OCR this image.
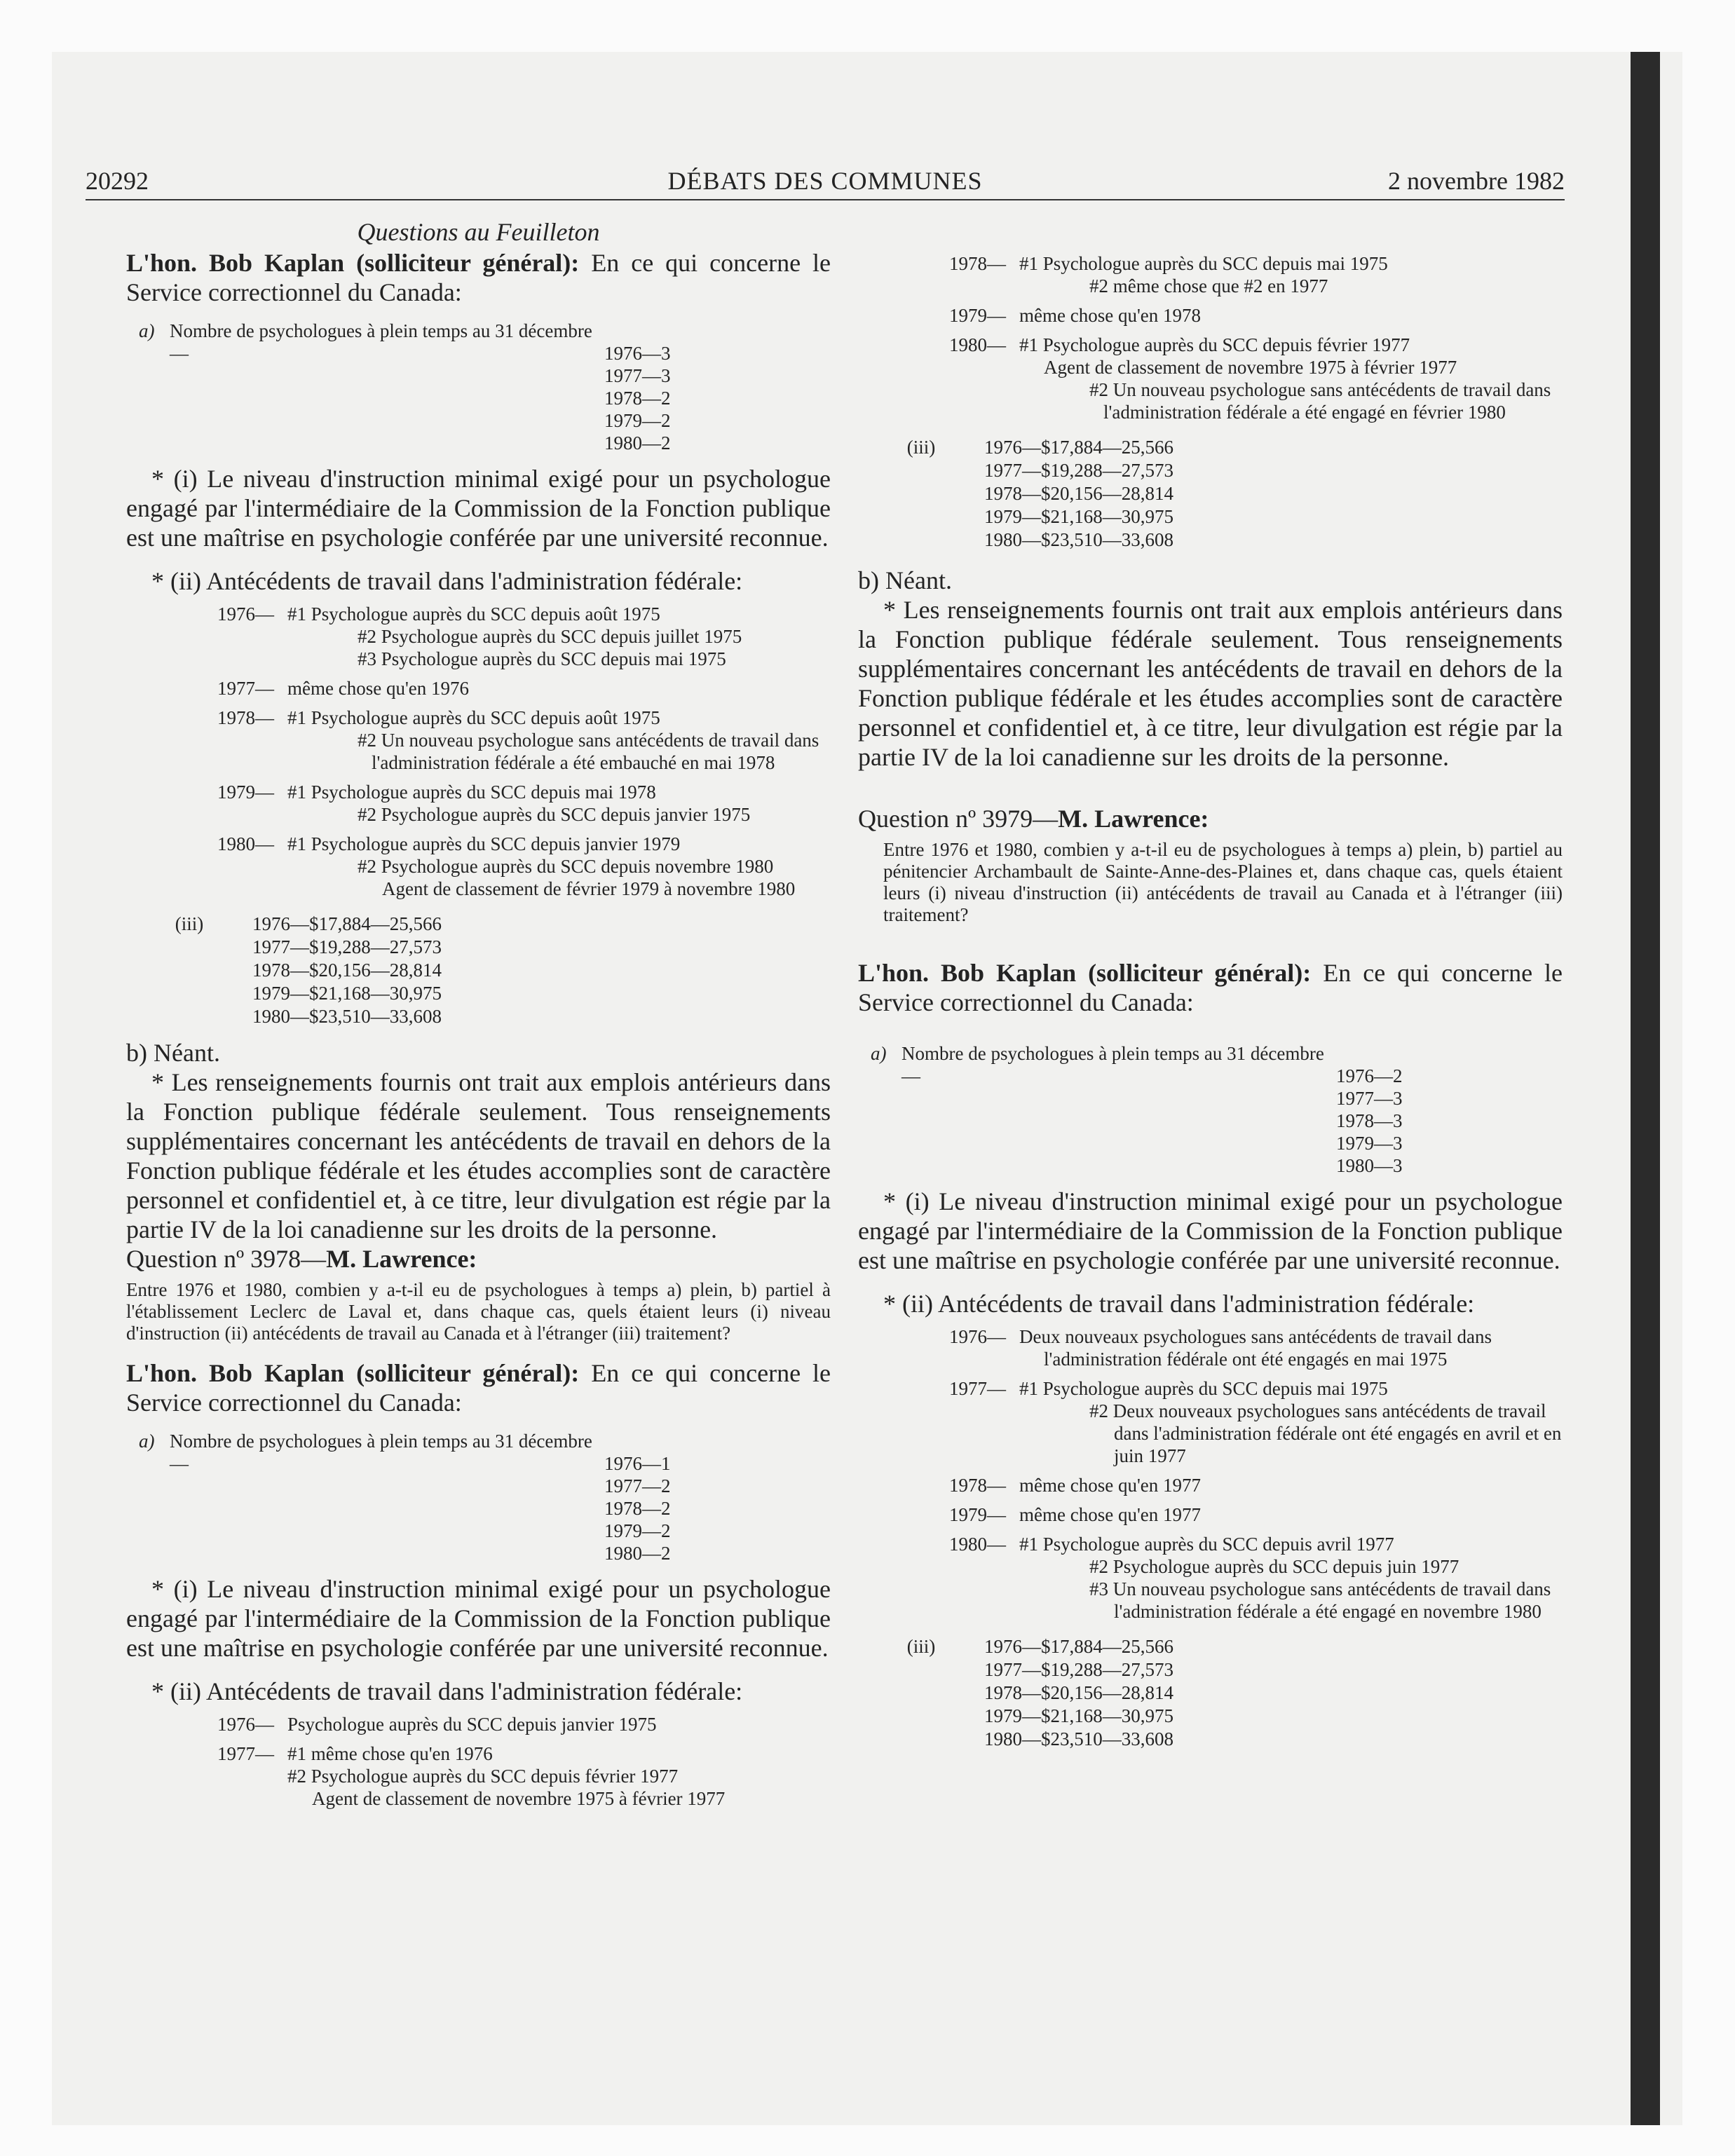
20292	DÉBATS DES COMMUNES	2 novembre 1982

Questions au Feuilleton

L'hon. Bob Kaplan (solliciteur général): En ce qui concerne le Service correctionnel du Canada:

a) Nombre de psychologues à plein temps au 31 décembre—	1976—3
1977—3
1978—2
1979—2
1980—2

* (i) Le niveau d'instruction minimal exigé pour un psychologue engagé par l'intermédiaire de la Commission de la Fonction publique est une maîtrise en psychologie conférée par une université reconnue.

* (ii) Antécédents de travail dans l'administration fédérale:

1976— #1 Psychologue auprès du SCC depuis août 1975
#2 Psychologue auprès du SCC depuis juillet 1975
#3 Psychologue auprès du SCC depuis mai 1975
1977— même chose qu'en 1976
1978— #1 Psychologue auprès du SCC depuis août 1975
#2 Un nouveau psychologue sans antécédents de travail dans l'administration fédérale a été embauché en mai 1978
1979— #1 Psychologue auprès du SCC depuis mai 1978
#2 Psychologue auprès du SCC depuis janvier 1975
1980— #1 Psychologue auprès du SCC depuis janvier 1979
#2 Psychologue auprès du SCC depuis novembre 1980
Agent de classement de février 1979 à novembre 1980
(iii)	1976—$17,884—25,566
1977—$19,288—27,573
1978—$20,156—28,814
1979—$21,168—30,975
1980—$23,510—33,608

b) Néant.

* Les renseignements fournis ont trait aux emplois antérieurs dans la Fonction publique fédérale seulement. Tous renseignements supplémentaires concernant les antécédents de travail en dehors de la Fonction publique fédérale et les études accomplies sont de caractère personnel et confidentiel et, à ce titre, leur divulgation est régie par la partie IV de la loi canadienne sur les droits de la personne.

Question nº 3978—M. Lawrence:

Entre 1976 et 1980, combien y a-t-il eu de psychologues à temps a) plein, b) partiel à l'établissement Leclerc de Laval et, dans chaque cas, quels étaient leurs (i) niveau d'instruction (ii) antécédents de travail au Canada et à l'étranger (iii) traitement?

L'hon. Bob Kaplan (solliciteur général): En ce qui concerne le Service correctionnel du Canada:

a) Nombre de psychologues à plein temps au 31 décembre—	1976—1
1977—2
1978—2
1979—2
1980—2

* (i) Le niveau d'instruction minimal exigé pour un psychologue engagé par l'intermédiaire de la Commission de la Fonction publique est une maîtrise en psychologie conférée par une université reconnue.

* (ii) Antécédents de travail dans l'administration fédérale:

1976— Psychologue auprès du SCC depuis janvier 1975
1977— #1 même chose qu'en 1976
#2 Psychologue auprès du SCC depuis février 1977
Agent de classement de novembre 1975 à février 1977
1978— #1 Psychologue auprès du SCC depuis mai 1975
#2 même chose que #2 en 1977
1979— même chose qu'en 1978
1980— #1 Psychologue auprès du SCC depuis février 1977
Agent de classement de novembre 1975 à février 1977
#2 Un nouveau psychologue sans antécédents de travail dans l'administration fédérale a été engagé en février 1980
(iii)	1976—$17,884—25,566
1977—$19,288—27,573
1978—$20,156—28,814
1979—$21,168—30,975
1980—$23,510—33,608

b) Néant.

* Les renseignements fournis ont trait aux emplois antérieurs dans la Fonction publique fédérale seulement. Tous renseignements supplémentaires concernant les antécédents de travail en dehors de la Fonction publique fédérale et les études accomplies sont de caractère personnel et confidentiel et, à ce titre, leur divulgation est régie par la partie IV de la loi canadienne sur les droits de la personne.

Question nº 3979—M. Lawrence:

Entre 1976 et 1980, combien y a-t-il eu de psychologues à temps a) plein, b) partiel au pénitencier Archambault de Sainte-Anne-des-Plaines et, dans chaque cas, quels étaient leurs (i) niveau d'instruction (ii) antécédents de travail au Canada et à l'étranger (iii) traitement?

L'hon. Bob Kaplan (solliciteur général): En ce qui concerne le Service correctionnel du Canada:

a) Nombre de psychologues à plein temps au 31 décembre—	1976—2
1977—3
1978—3
1979—3
1980—3

* (i) Le niveau d'instruction minimal exigé pour un psychologue engagé par l'intermédiaire de la Commission de la Fonction publique est une maîtrise en psychologie conférée par une université reconnue.

* (ii) Antécédents de travail dans l'administration fédérale:

1976— Deux nouveaux psychologues sans antécédents de travail dans l'administration fédérale ont été engagés en mai 1975
1977— #1 Psychologue auprès du SCC depuis mai 1975
#2 Deux nouveaux psychologues sans antécédents de travail dans l'administration fédérale ont été engagés en avril et en juin 1977
1978— même chose qu'en 1977
1979— même chose qu'en 1977
1980— #1 Psychologue auprès du SCC depuis avril 1977
#2 Psychologue auprès du SCC depuis juin 1977
#3 Un nouveau psychologue sans antécédents de travail dans l'administration fédérale a été engagé en novembre 1980
(iii)	1976—$17,884—25,566
1977—$19,288—27,573
1978—$20,156—28,814
1979—$21,168—30,975
1980—$23,510—33,608
